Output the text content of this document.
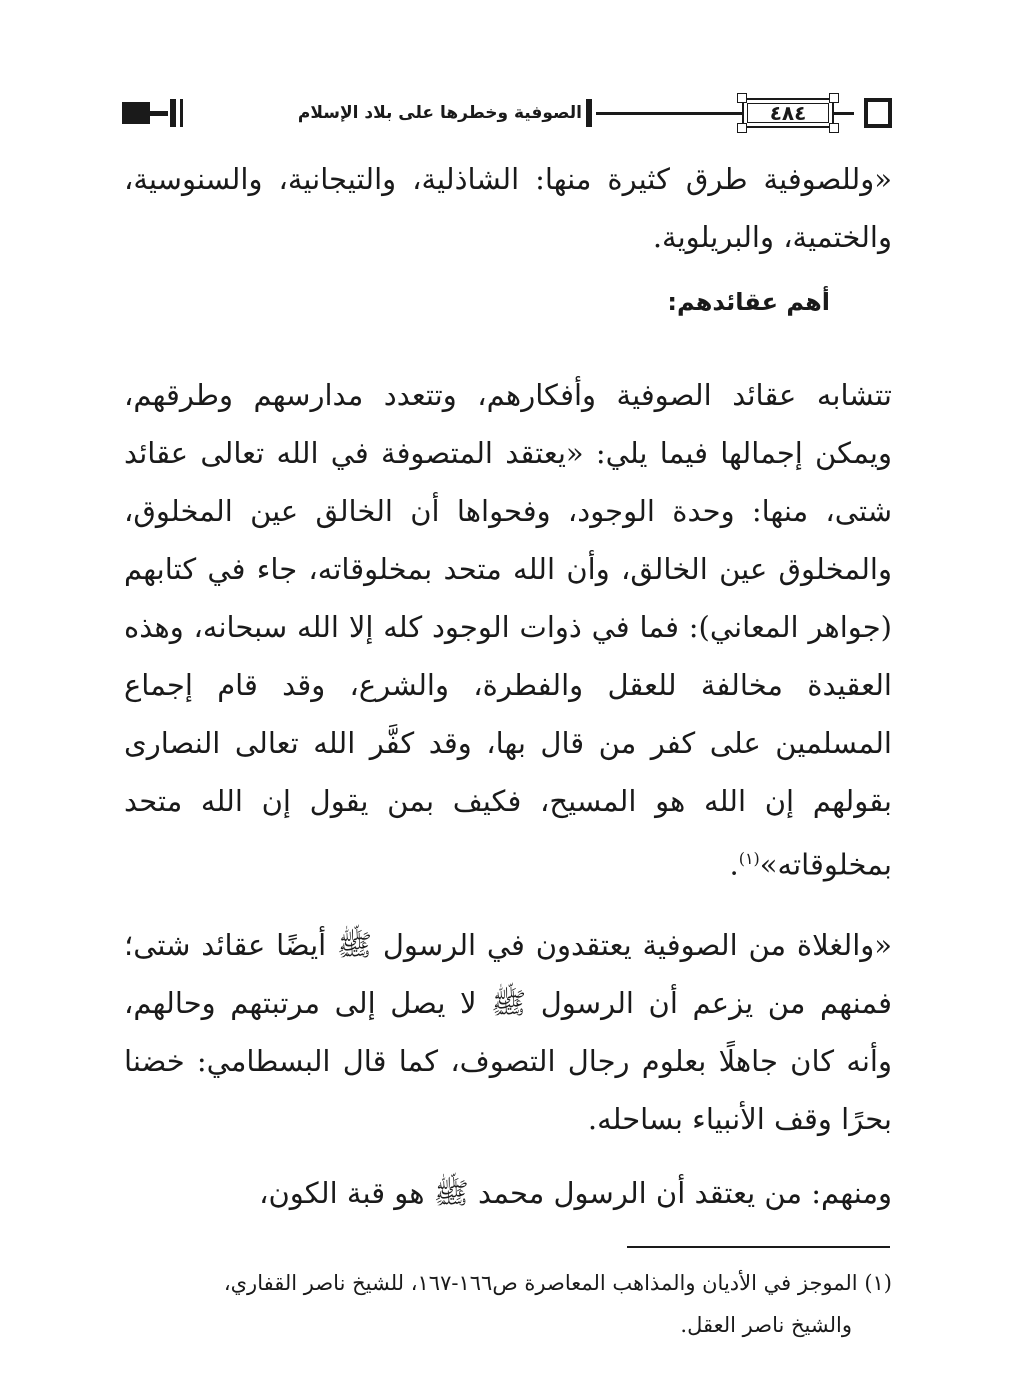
الصوفية وخطرها على بلاد الإسلام	٤٨٤

«وللصوفية طرق كثيرة منها: الشاذلية، والتيجانية، والسنوسية، والختمية، والبريلوية.

أهم عقائدهم:

تتشابه عقائد الصوفية وأفكارهم، وتتعدد مدارسهم وطرقهم، ويمكن إجمالها فيما يلي: «يعتقد المتصوفة في الله تعالى عقائد شتى، منها: وحدة الوجود، وفحواها أن الخالق عين المخلوق، والمخلوق عين الخالق، وأن الله متحد بمخلوقاته، جاء في كتابهم (جواهر المعاني): فما في ذوات الوجود كله إلا الله سبحانه، وهذه العقيدة مخالفة للعقل والفطرة، والشرع، وقد قام إجماع المسلمين على كفر من قال بها، وقد كفَّر الله تعالى النصارى بقولهم إن الله هو المسيح، فكيف بمن يقول إن الله متحد بمخلوقاته»$^{(١)}$.

«والغلاة من الصوفية يعتقدون في الرسول ﷺ أيضًا عقائد شتى؛ فمنهم من يزعم أن الرسول ﷺ لا يصل إلى مرتبتهم وحالهم، وأنه كان جاهلًا بعلوم رجال التصوف، كما قال البسطامي: خضنا بحرًا وقف الأنبياء بساحله.

ومنهم: من يعتقد أن الرسول محمد ﷺ هو قبة الكون،

(١) الموجز في الأديان والمذاهب المعاصرة ص١٦٦-١٦٧، للشيخ ناصر القفاري،
والشيخ ناصر العقل.
